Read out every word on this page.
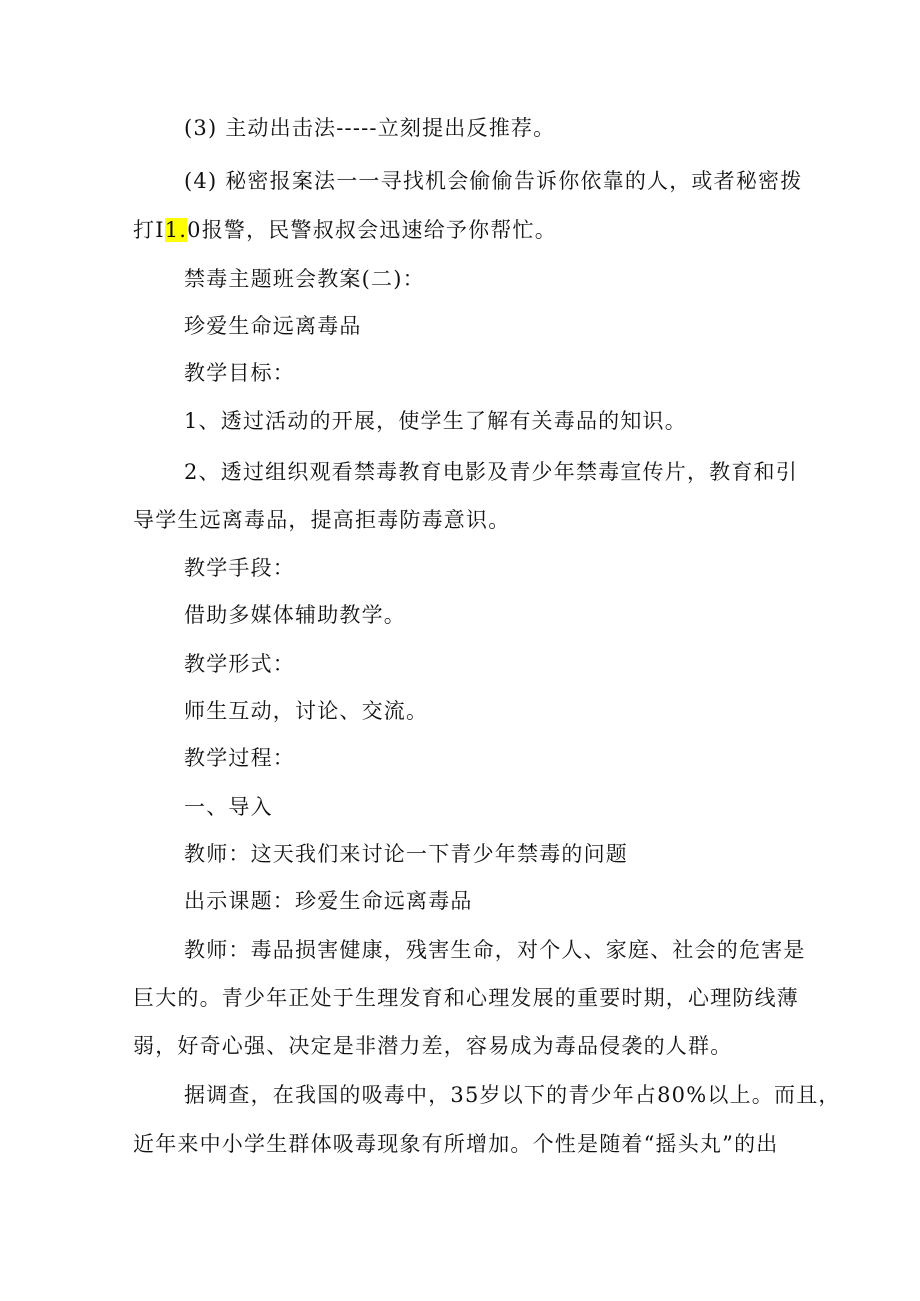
(3) 主动出击法-----立刻提出反推荐。
(4) 秘密报案法一一寻找机会偷偷告诉你依靠的人，或者秘密拨
打I1.0报警，民警叔叔会迅速给予你帮忙。
禁毒主题班会教案(二)：
珍爱生命远离毒品
教学目标：
1、透过活动的开展，使学生了解有关毒品的知识。
2、透过组织观看禁毒教育电影及青少年禁毒宣传片，教育和引
导学生远离毒品，提高拒毒防毒意识。
教学手段：
借助多媒体辅助教学。
教学形式：
师生互动，讨论、交流。
教学过程：
一、导入
教师：这天我们来讨论一下青少年禁毒的问题
出示课题：珍爱生命远离毒品
教师：毒品损害健康，残害生命，对个人、家庭、社会的危害是
巨大的。青少年正处于生理发育和心理发展的重要时期，心理防线薄
弱，好奇心强、决定是非潜力差，容易成为毒品侵袭的人群。
据调查，在我国的吸毒中，35岁以下的青少年占80%以上。而且，
近年来中小学生群体吸毒现象有所增加。个性是随着“摇头丸”的出
